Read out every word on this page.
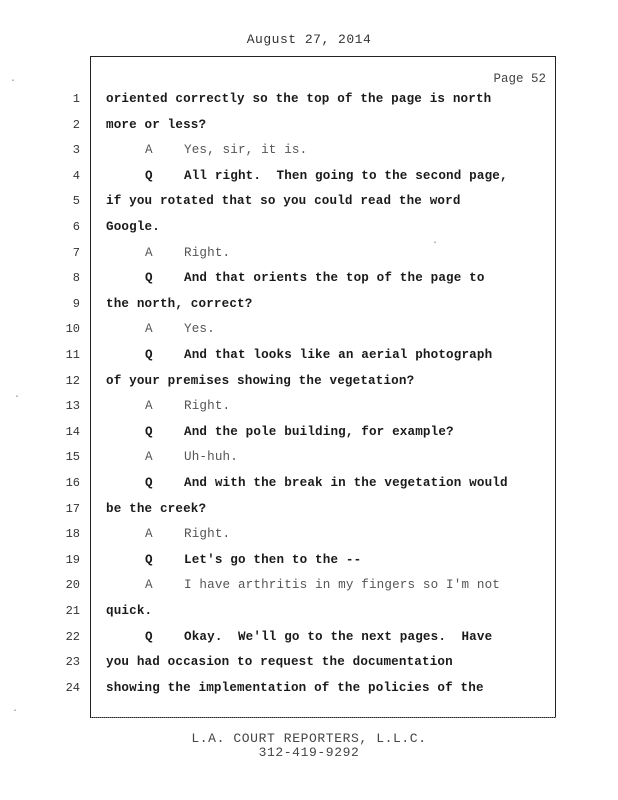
August 27, 2014
Page 52
1 oriented correctly so the top of the page is north
2 more or less?
3	A Yes, sir, it is.
4	Q All right.  Then going to the second page,
5 if you rotated that so you could read the word
6 Google.
7	A Right.
8	Q And that orients the top of the page to
9 the north, correct?
10	A Yes.
11	Q And that looks like an aerial photograph
12 of your premises showing the vegetation?
13	A Right.
14	Q And the pole building, for example?
15	A Uh-huh.
16	Q And with the break in the vegetation would
17 be the creek?
18	A Right.
19	Q Let's go then to the --
20	A I have arthritis in my fingers so I'm not
21 quick.
22	Q Okay.  We'll go to the next pages.  Have
23 you had occasion to request the documentation
24 showing the implementation of the policies of the
L.A. COURT REPORTERS, L.L.C.
312-419-9292
·
·
·
·
